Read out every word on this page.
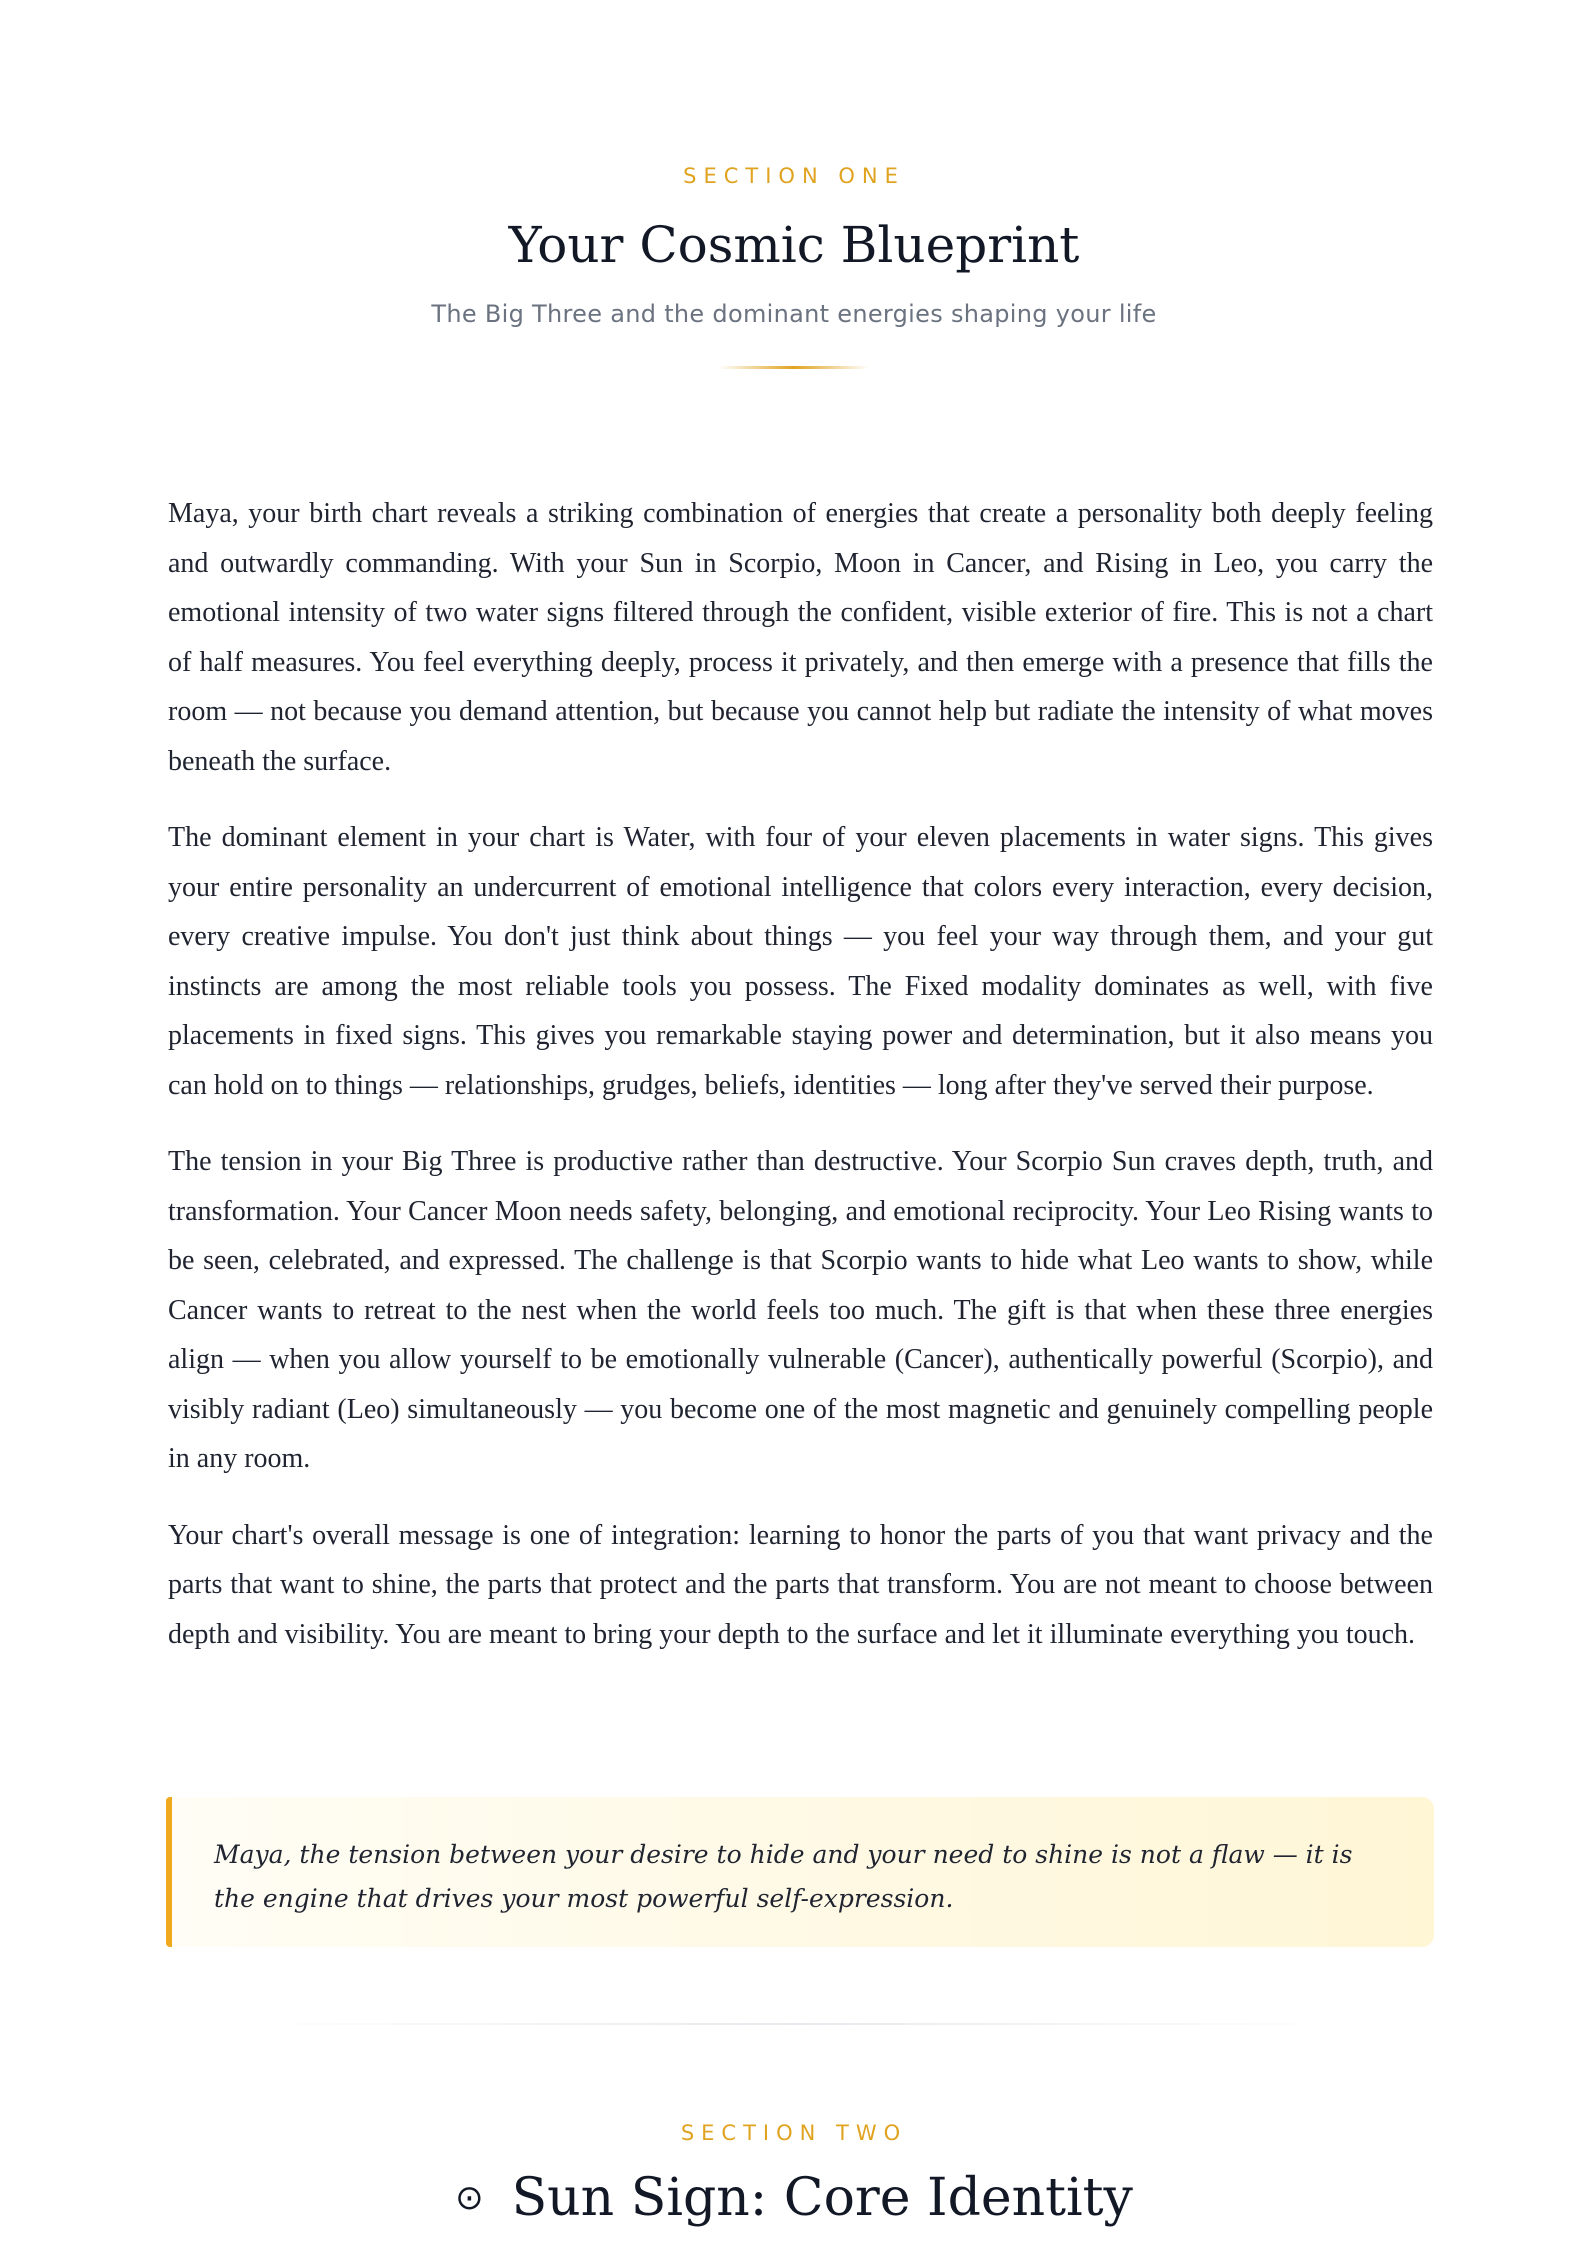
SECTION ONE
Your Cosmic Blueprint
The Big Three and the dominant energies shaping your life

Maya, your birth chart reveals a striking combination of energies that create a personality both deeply feeling and outwardly commanding. With your Sun in Scorpio, Moon in Cancer, and Rising in Leo, you carry the emotional intensity of two water signs filtered through the confident, visible exterior of fire. This is not a chart of half measures. You feel everything deeply, process it privately, and then emerge with a presence that fills the room — not because you demand attention, but because you cannot help but radiate the intensity of what moves beneath the surface.

The dominant element in your chart is Water, with four of your eleven placements in water signs. This gives your entire personality an undercurrent of emotional intelligence that colors every interaction, every decision, every creative impulse. You don't just think about things — you feel your way through them, and your gut instincts are among the most reliable tools you possess. The Fixed modality dominates as well, with five placements in fixed signs. This gives you remarkable staying power and determination, but it also means you can hold on to things — relationships, grudges, beliefs, identities — long after they've served their purpose.

The tension in your Big Three is productive rather than destructive. Your Scorpio Sun craves depth, truth, and transformation. Your Cancer Moon needs safety, belonging, and emotional reciprocity. Your Leo Rising wants to be seen, celebrated, and expressed. The challenge is that Scorpio wants to hide what Leo wants to show, while Cancer wants to retreat to the nest when the world feels too much. The gift is that when these three energies align — when you allow yourself to be emotionally vulnerable (Cancer), authentically powerful (Scorpio), and visibly radiant (Leo) simultaneously — you become one of the most magnetic and genuinely compelling people in any room.

Your chart's overall message is one of integration: learning to honor the parts of you that want privacy and the parts that want to shine, the parts that protect and the parts that transform. You are not meant to choose between depth and visibility. You are meant to bring your depth to the surface and let it illuminate everything you touch.

Maya, the tension between your desire to hide and your need to shine is not a flaw — it is the engine that drives your most powerful self-expression.
SECTION TWO
⊙ Sun Sign: Core Identity
